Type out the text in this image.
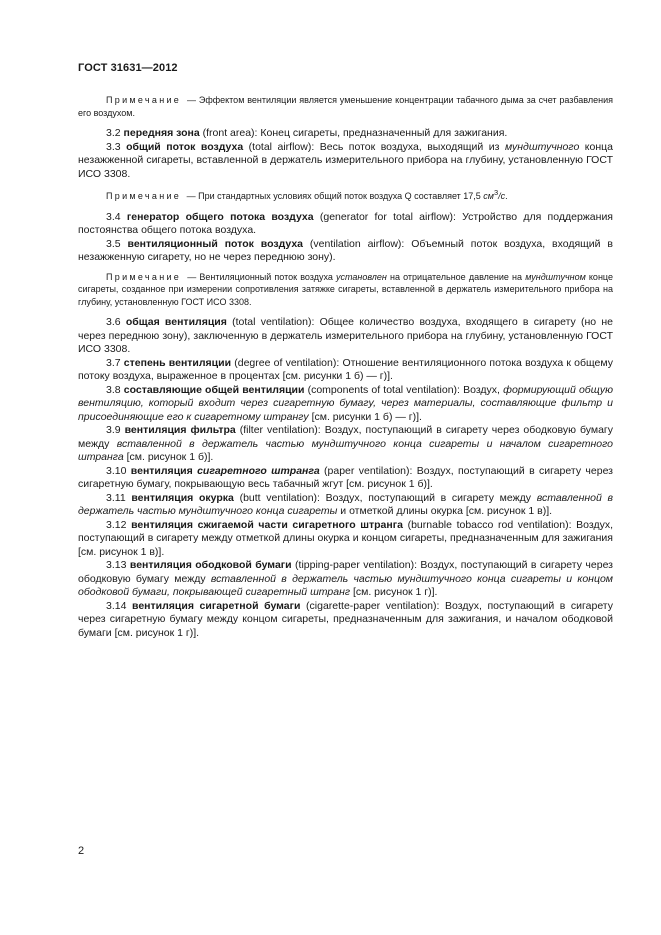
ГОСТ 31631—2012

Примечание — Эффектом вентиляции является уменьшение концентрации табачного дыма за счет разбавления его воздухом.

3.2 передняя зона (front area): Конец сигареты, предназначенный для зажигания.

3.3 общий поток воздуха (total airflow): Весь поток воздуха, выходящий из мундштучного конца незажженной сигареты, вставленной в держатель измерительного прибора на глубину, установленную ГОСТ ИСО 3308.

Примечание — При стандартных условиях общий поток воздуха Q составляет 17,5 $см^3/с$.

3.4 генератор общего потока воздуха (generator for total airflow): Устройство для поддержания постоянства общего потока воздуха.

3.5 вентиляционный поток воздуха (ventilation airflow): Объемный поток воздуха, входящий в незажженную сигарету, но не через переднюю зону).

Примечание — Вентиляционный поток воздуха установлен на отрицательное давление на мундштучном конце сигареты, созданное при измерении сопротивления затяжке сигареты, вставленной в держатель измерительного прибора на глубину, установленную ГОСТ ИСО 3308.

3.6 общая вентиляция (total ventilation): Общее количество воздуха, входящего в сигарету (но не через переднюю зону), заключенную в держатель измерительного прибора на глубину, установленную ГОСТ ИСО 3308.

3.7 степень вентиляции (degree of ventilation): Отношение вентиляционного потока воздуха к общему потоку воздуха, выраженное в процентах [см. рисунки 1 б) — г)].

3.8 составляющие общей вентиляции (components of total ventilation): Воздух, формирующий общую вентиляцию, который входит через сигаретную бумагу, через материалы, составляющие фильтр и присоединяющие его к сигаретному штрангу [см. рисунки 1 б) — г)].

3.9 вентиляция фильтра (filter ventilation): Воздух, поступающий в сигарету через ободковую бумагу между вставленной в держатель частью мундштучного конца сигареты и началом сигаретного штранга [см. рисунок 1 б)].

3.10 вентиляция сигаретного штранга (paper ventilation): Воздух, поступающий в сигарету через сигаретную бумагу, покрывающую весь табачный жгут [см. рисунок 1 б)].

3.11 вентиляция окурка (butt ventilation): Воздух, поступающий в сигарету между вставленной в держатель частью мундштучного конца сигареты и отметкой длины окурка [см. рисунок 1 в)].

3.12 вентиляция сжигаемой части сигаретного штранга (burnable tobacco rod ventilation): Воздух, поступающий в сигарету между отметкой длины окурка и концом сигареты, предназначенным для зажигания [см. рисунок 1 в)].

3.13 вентиляция ободковой бумаги (tipping-paper ventilation): Воздух, поступающий в сигарету через ободковую бумагу между вставленной в держатель частью мундштучного конца сигареты и концом ободковой бумаги, покрывающей сигаретный штранг [см. рисунок 1 г)].

3.14 вентиляция сигаретной бумаги (cigarette-paper ventilation): Воздух, поступающий в сигарету через сигаретную бумагу между концом сигареты, предназначенным для зажигания, и началом ободковой бумаги [см. рисунок 1 г)].

2
